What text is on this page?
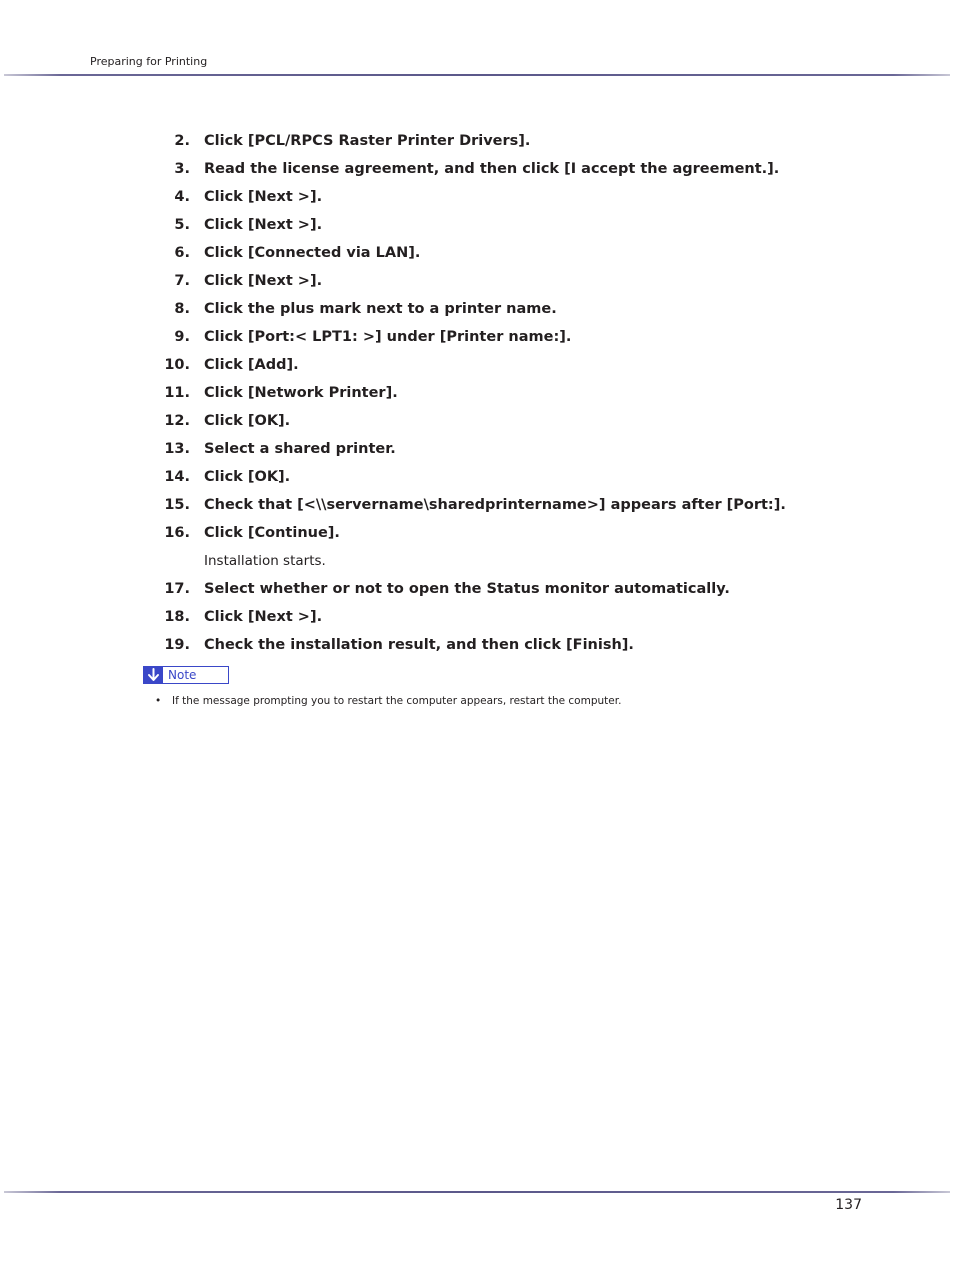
Preparing for Printing
2. Click [PCL/RPCS Raster Printer Drivers].
3. Read the license agreement, and then click [I accept the agreement.].
4. Click [Next >].
5. Click [Next >].
6. Click [Connected via LAN].
7. Click [Next >].
8. Click the plus mark next to a printer name.
9. Click [Port:< LPT1: >] under [Printer name:].
10. Click [Add].
11. Click [Network Printer].
12. Click [OK].
13. Select a shared printer.
14. Click [OK].
15. Check that [<\\servername\sharedprintername>] appears after [Port:].
16. Click [Continue].
Installation starts.
17. Select whether or not to open the Status monitor automatically.
18. Click [Next >].
19. Check the installation result, and then click [Finish].
Note
• If the message prompting you to restart the computer appears, restart the computer.
137
